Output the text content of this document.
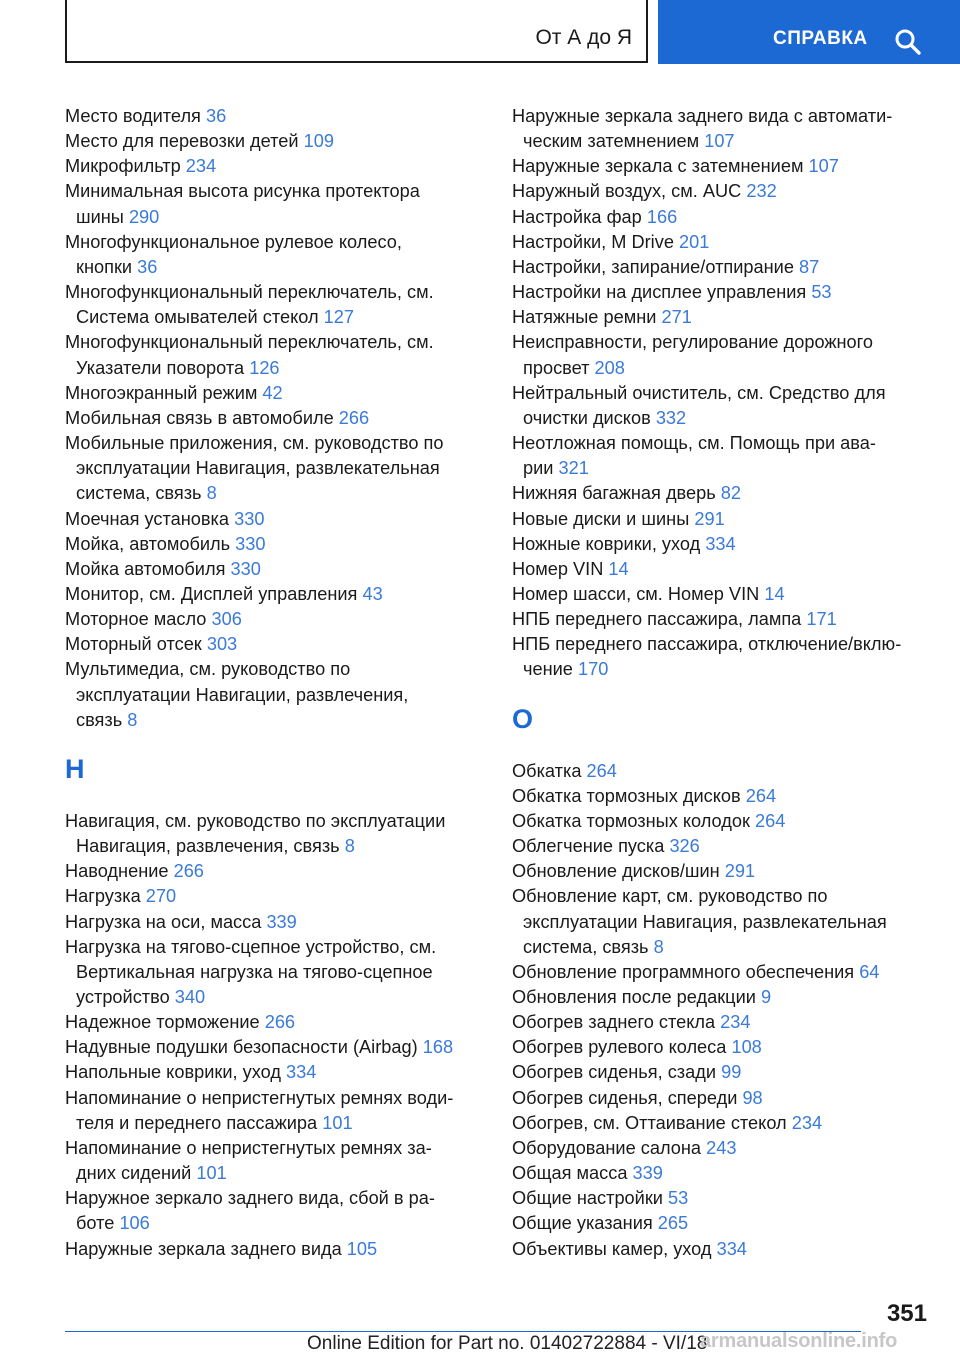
От А до Я	СПРАВКА
Место водителя 36
Место для перевозки детей 109
Микрофильтр 234
Минимальная высота рисунка протектора
шины 290
Многофункциональное рулевое колесо,
кнопки 36
Многофункциональный переключатель, см.
Система омывателей стекол 127
Многофункциональный переключатель, см.
Указатели поворота 126
Многоэкранный режим 42
Мобильная связь в автомобиле 266
Мобильные приложения, см. руководство по
эксплуатации Навигация, развлекательная
система, связь 8
Моечная установка 330
Мойка, автомобиль 330
Мойка автомобиля 330
Монитор, см. Дисплей управления 43
Моторное масло 306
Моторный отсек 303
Мультимедиа, см. руководство по
эксплуатации Навигации, развлечения,
связь 8
Н
Навигация, см. руководство по эксплуатации
Навигация, развлечения, связь 8
Наводнение 266
Нагрузка 270
Нагрузка на оси, масса 339
Нагрузка на тягово-сцепное устройство, см.
Вертикальная нагрузка на тягово-сцепное
устройство 340
Надежное торможение 266
Надувные подушки безопасности (Airbag) 168
Напольные коврики, уход 334
Напоминание о непристегнутых ремнях води-
теля и переднего пассажира 101
Напоминание о непристегнутых ремнях за-
дних сидений 101
Наружное зеркало заднего вида, сбой в ра-
боте 106
Наружные зеркала заднего вида 105
Наружные зеркала заднего вида с автомати-
ческим затемнением 107
Наружные зеркала с затемнением 107
Наружный воздух, см. AUC 232
Настройка фар 166
Настройки, M Drive 201
Настройки, запирание/отпирание 87
Настройки на дисплее управления 53
Натяжные ремни 271
Неисправности, регулирование дорожного
просвет 208
Нейтральный очиститель, см. Средство для
очистки дисков 332
Неотложная помощь, см. Помощь при ава-
рии 321
Нижняя багажная дверь 82
Новые диски и шины 291
Ножные коврики, уход 334
Номер VIN 14
Номер шасси, см. Номер VIN 14
НПБ переднего пассажира, лампа 171
НПБ переднего пассажира, отключение/вклю-
чение 170
О
Обкатка 264
Обкатка тормозных дисков 264
Обкатка тормозных колодок 264
Облегчение пуска 326
Обновление дисков/шин 291
Обновление карт, см. руководство по
эксплуатации Навигация, развлекательная
система, связь 8
Обновление программного обеспечения 64
Обновления после редакции 9
Обогрев заднего стекла 234
Обогрев рулевого колеса 108
Обогрев сиденья, сзади 99
Обогрев сиденья, спереди 98
Обогрев, см. Оттаивание стекол 234
Оборудование салона 243
Общая масса 339
Общие настройки 53
Общие указания 265
Объективы камер, уход 334
351
Online Edition for Part no. 01402722884 - VI/18
armanualsonline.info
